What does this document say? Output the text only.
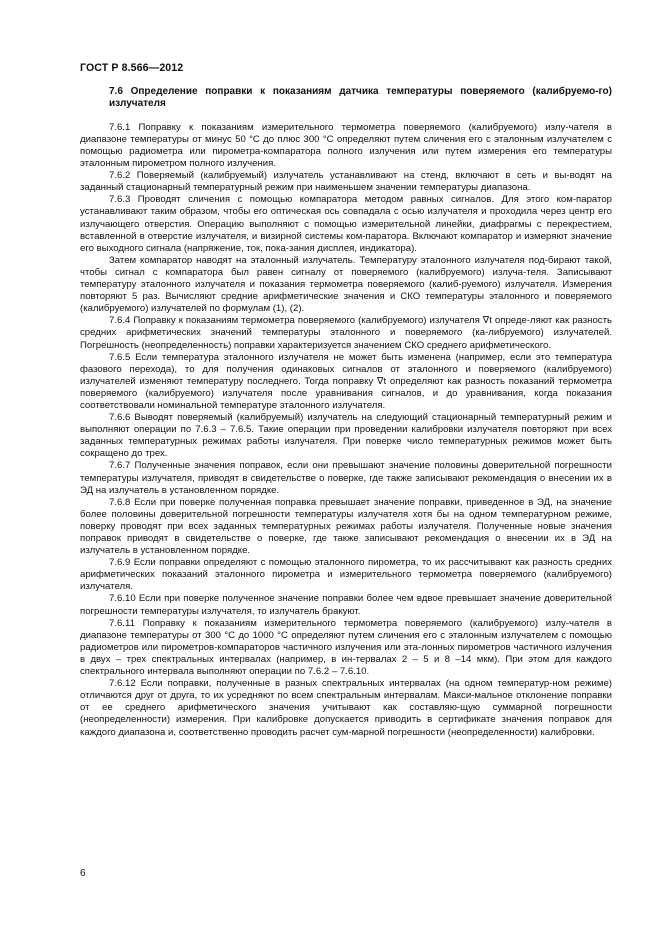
ГОСТ Р 8.566—2012

7.6 Определение поправки к показаниям датчика температуры поверяемого (калибруемо-го) излучателя

7.6.1 Поправку к показаниям измерительного термометра поверяемого (калибруемого) излу-чателя в диапазоне температуры от минус 50 °С до плюс 300 °С определяют путем сличения его с эталонным излучателем с помощью радиометра или пирометра-компаратора полного излучения или путем измерения его температуры эталонным пирометром полного излучения.

7.6.2 Поверяемый (калибруемый) излучатель устанавливают на стенд, включают в сеть и вы-водят на заданный стационарный температурный режим при наименьшем значении температуры диапазона.

7.6.3 Проводят сличения с помощью компаратора методом равных сигналов. Для этого ком-паратор устанавливают таким образом, чтобы его оптическая ось совпадала с осью излучателя и проходила через центр его излучающего отверстия. Операцию выполняют с помощью измерительной линейки, диафрагмы с перекрестием, вставленной в отверстие излучателя, и визирной системы ком-паратора. Включают компаратор и измеряют значение его выходного сигнала (напряжение, ток, пока-зания дисплея, индикатора).

Затем компаратор наводят на эталонный излучатель. Температуру эталонного излучателя под-бирают такой, чтобы сигнал с компаратора был равен сигналу от поверяемого (калибруемого) излуча-теля. Записывают температуру эталонного излучателя и показания термометра поверяемого (калиб-руемого) излучателя. Измерения повторяют 5 раз. Вычисляют средние арифметические значения и СКО температуры эталонного и поверяемого (калибруемого) излучателей по формулам (1), (2).

7.6.4 Поправку к показаниям термометра поверяемого (калибруемого) излучателя ∇t опреде-ляют как разность средних арифметических значений температуры эталонного и поверяемого (ка-либруемого) излучателей. Погрешность (неопределенность) поправки характеризуется значением СКО среднего арифметического.

7.6.5 Если температура эталонного излучателя не может быть изменена (например, если это температура фазового перехода), то для получения одинаковых сигналов от эталонного и поверяемого (калибруемого) излучателей изменяют температуру последнего. Тогда поправку ∇t определяют как разность показаний термометра поверяемого (калибруемого) излучателя после уравнивания сигналов, и до уравнивания, когда показания соответствовали номинальной температуре эталонного излучателя.

7.6.6 Выводят поверяемый (калибруемый) излучатель на следующий стационарный температурный режим и выполняют операции по 7.6.3 – 7.6.5. Такие операции при проведении калибровки излучателя повторяют при всех заданных температурных режимах работы излучателя. При поверке число температурных режимов может быть сокращено до трех.

7.6.7 Полученные значения поправок, если они превышают значение половины доверительной погрешности температуры излучателя, приводят в свидетельстве о поверке, где также записывают рекомендация о внесении их в ЭД на излучатель в установленном порядке.

7.6.8 Если при поверке полученная поправка превышает значение поправки, приведенное в ЭД, на значение более половины доверительной погрешности температуры излучателя хотя бы на одном температурном режиме, поверку проводят при всех заданных температурных режимах работы излучателя. Полученные новые значения поправок приводят в свидетельстве о поверке, где также записывают рекомендация о внесении их в ЭД на излучатель в установленном порядке.

7.6.9 Если поправки определяют с помощью эталонного пирометра, то их рассчитывают как разность средних арифметических показаний эталонного пирометра и измерительного термометра поверяемого (калибруемого) излучателя.

7.6.10 Если при поверке полученное значение поправки более чем вдвое превышает значение доверительной погрешности температуры излучателя, то излучатель бракуют.

7.6.11 Поправку к показаниям измерительного термометра поверяемого (калибруемого) излу-чателя в диапазоне температуры от 300 °С до 1000 °С определяют путем сличения его с эталонным излучателем с помощью радиометров или пирометров-компараторов частичного излучения или эта-лонных пирометров частичного излучения в двух – трех спектральных интервалах (например, в ин-тервалах 2 – 5 и 8 –14 мкм). При этом для каждого спектрального интервала выполняют операции по 7.6.2 – 7.6.10.

7.6.12 Если поправки, полученные в разных спектральных интервалах (на одном температур-ном режиме) отличаются друг от друга, то их усредняют по всем спектральным интервалам. Макси-мальное отклонение поправки от ее среднего арифметического значения учитывают как составляю-щую суммарной погрешности (неопределенности) измерения. При калибровке допускается приводить в сертификате значения поправок для каждого диапазона и, соответственно проводить расчет сум-марной погрешности (неопределенности) калибровки.

6
